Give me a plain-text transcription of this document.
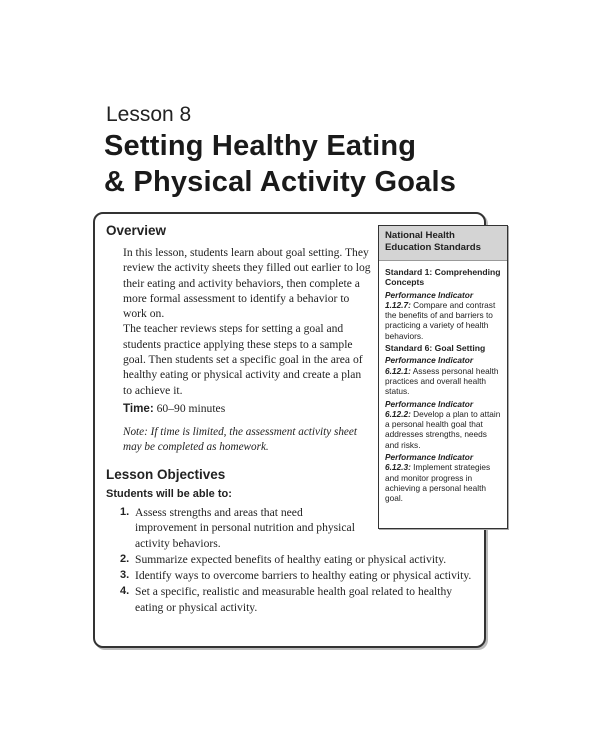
Lesson 8
Setting Healthy Eating
& Physical Activity Goals
Overview

In this lesson, students learn about goal setting. They review the activity sheets they filled out earlier to log their eating and activity behaviors, then complete a more formal assessment to identify a behavior to work on.

The teacher reviews steps for setting a goal and students practice applying these steps to a sample goal. Then students set a specific goal in the area of healthy eating or physical activity and create a plan to achieve it.

Time: 60–90 minutes
Note: If time is limited, the assessment activity sheet may be completed as homework.
Lesson Objectives
Students will be able to:
1. Assess strengths and areas that need improvement in personal nutrition and physical activity behaviors.
2. Summarize expected benefits of healthy eating or physical activity.
3. Identify ways to overcome barriers to healthy eating or physical activity.
4. Set a specific, realistic and measurable health goal related to healthy eating or physical activity.
National Health Education Standards
Standard 1: Comprehending Concepts
Performance Indicator
1.12.7: Compare and contrast the benefits of and barriers to practicing a variety of health behaviors.
Standard 6: Goal Setting
Performance Indicator
6.12.1: Assess personal health practices and overall health status.
Performance Indicator
6.12.2: Develop a plan to attain a personal health goal that addresses strengths, needs and risks.
Performance Indicator
6.12.3: Implement strategies and monitor progress in achieving a personal health goal.
